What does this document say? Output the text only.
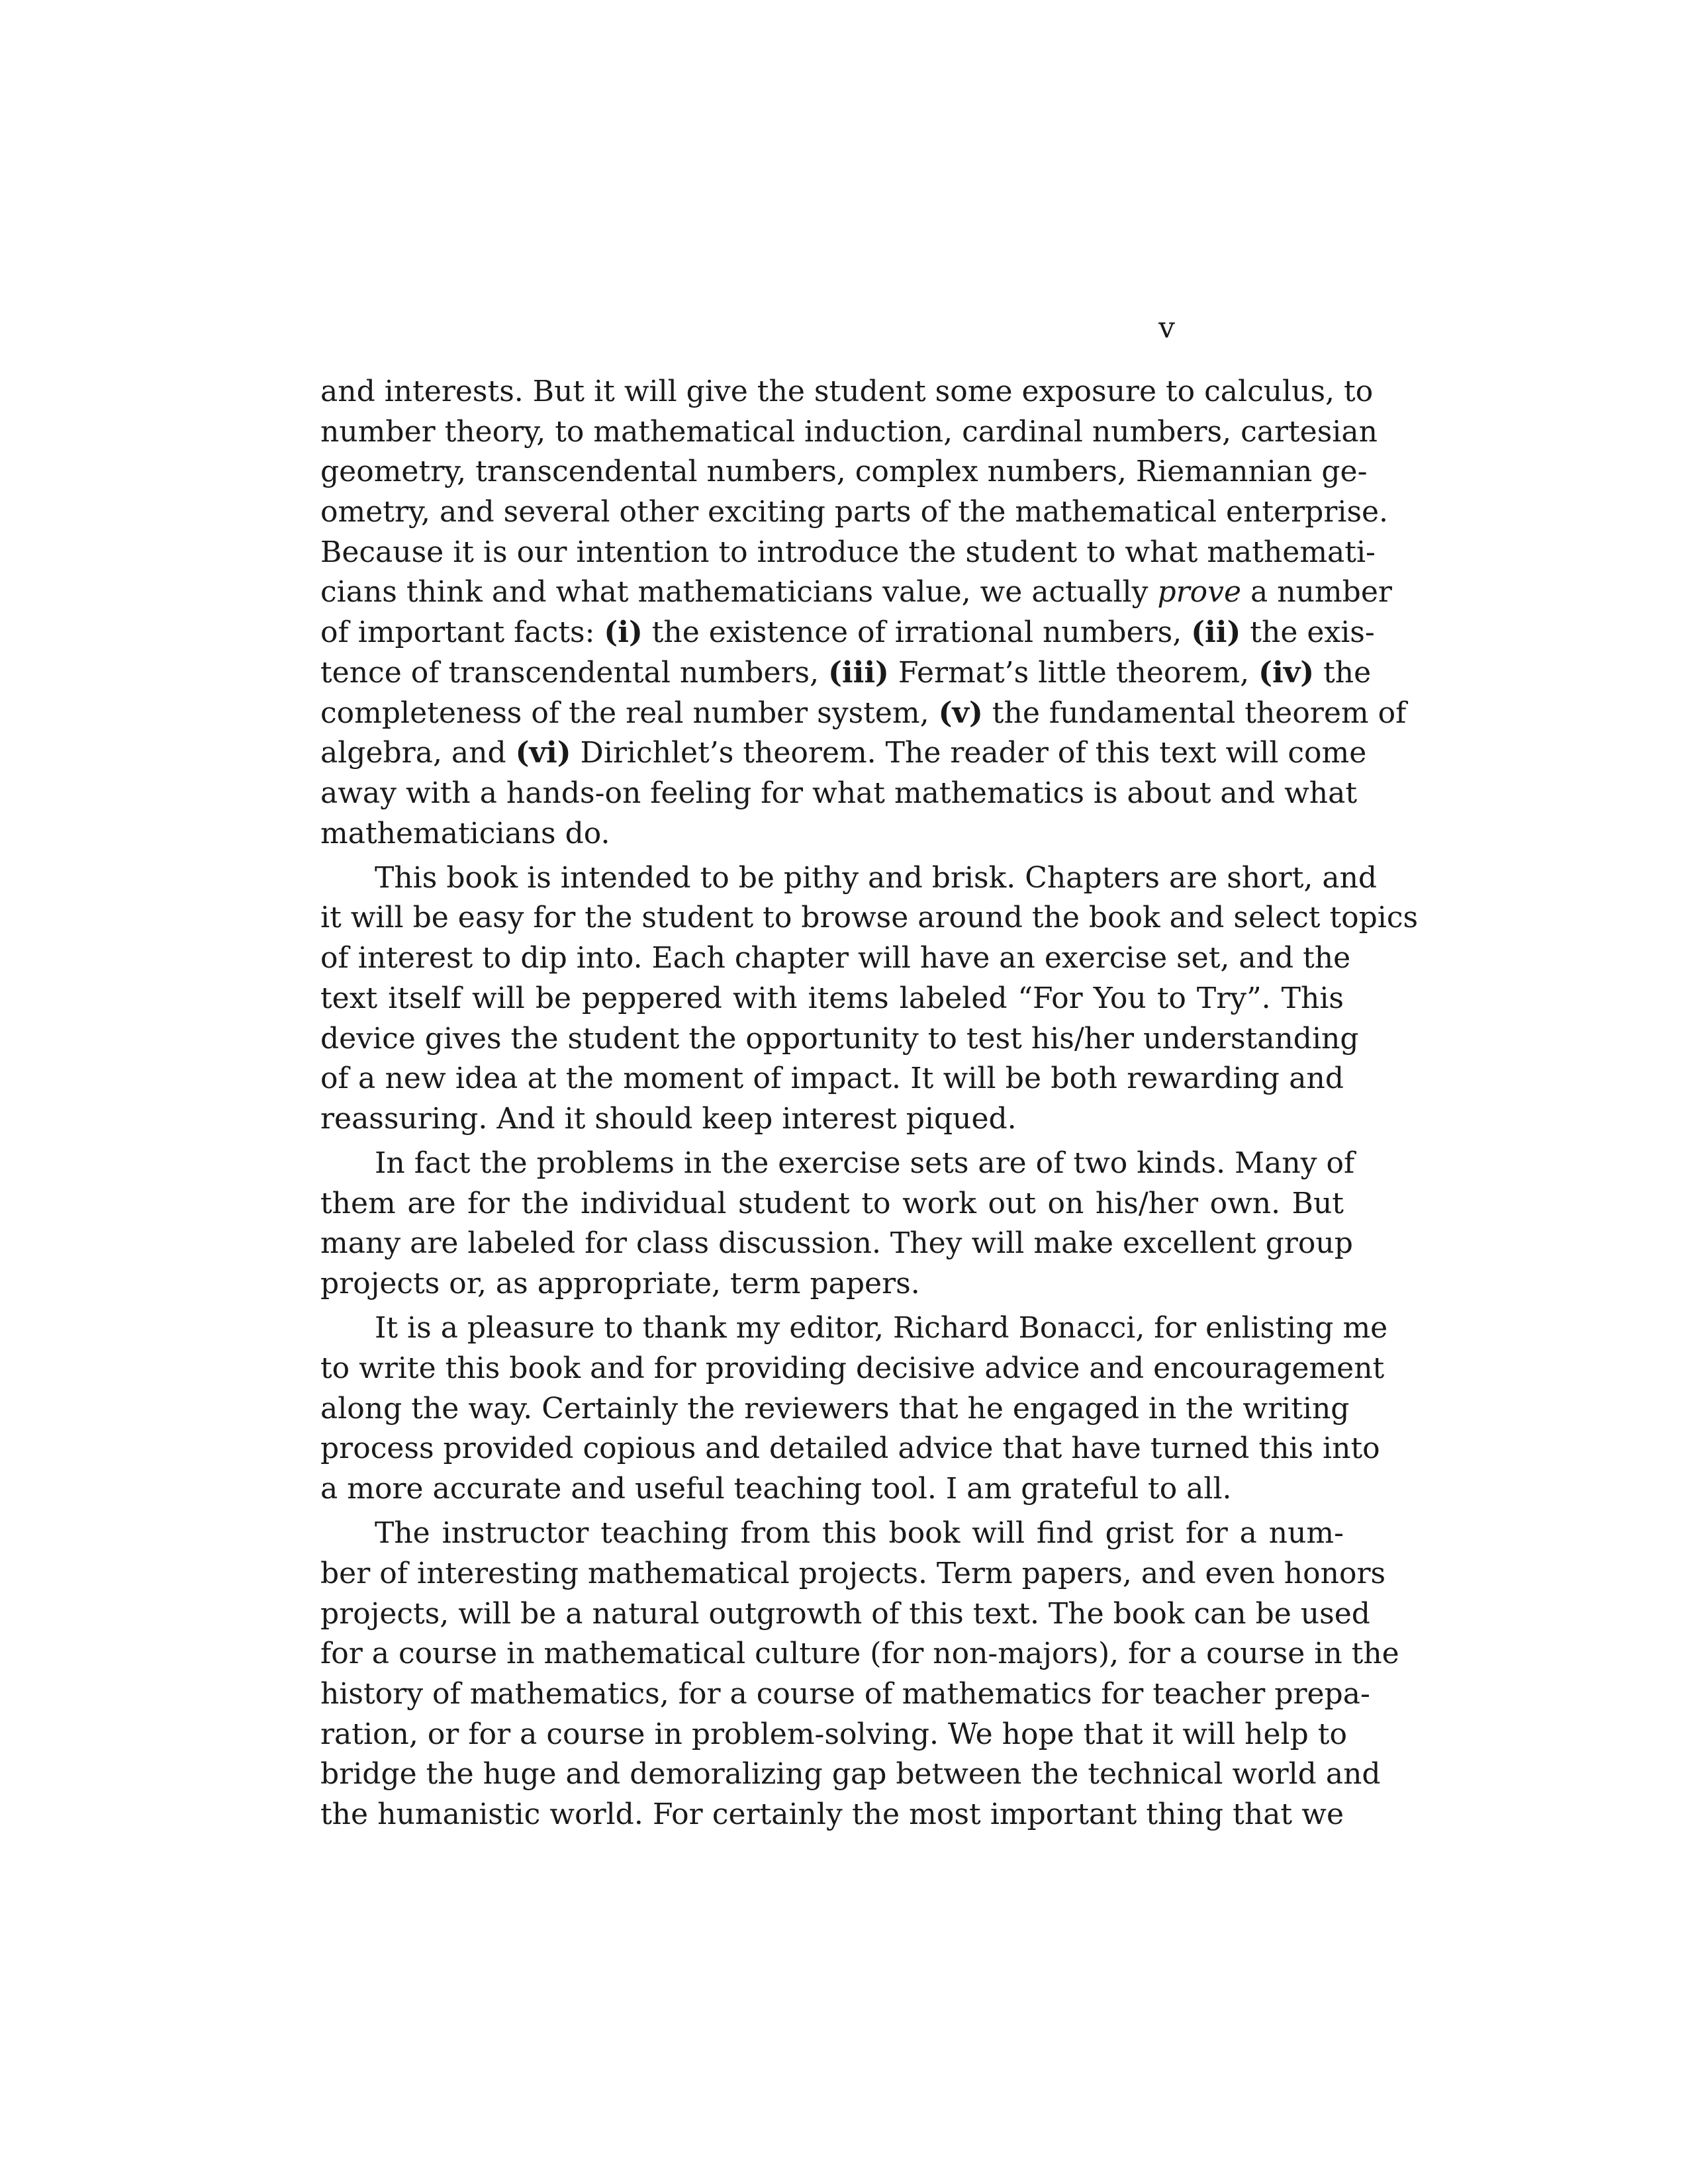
v
and interests. But it will give the student some exposure to calculus, to
number theory, to mathematical induction, cardinal numbers, cartesian
geometry, transcendental numbers, complex numbers, Riemannian ge-
ometry, and several other exciting parts of the mathematical enterprise.
Because it is our intention to introduce the student to what mathemati-
cians think and what mathematicians value, we actually prove a number
of important facts: (i) the existence of irrational numbers, (ii) the exis-
tence of transcendental numbers, (iii) Fermat’s little theorem, (iv) the
completeness of the real number system, (v) the fundamental theorem of
algebra, and (vi) Dirichlet’s theorem. The reader of this text will come
away with a hands-on feeling for what mathematics is about and what
mathematicians do.
This book is intended to be pithy and brisk. Chapters are short, and
it will be easy for the student to browse around the book and select topics
of interest to dip into. Each chapter will have an exercise set, and the
text itself will be peppered with items labeled “For You to Try”. This
device gives the student the opportunity to test his/her understanding
of a new idea at the moment of impact. It will be both rewarding and
reassuring. And it should keep interest piqued.
In fact the problems in the exercise sets are of two kinds. Many of
them are for the individual student to work out on his/her own. But
many are labeled for class discussion. They will make excellent group
projects or, as appropriate, term papers.
It is a pleasure to thank my editor, Richard Bonacci, for enlisting me
to write this book and for providing decisive advice and encouragement
along the way. Certainly the reviewers that he engaged in the writing
process provided copious and detailed advice that have turned this into
a more accurate and useful teaching tool. I am grateful to all.
The instructor teaching from this book will find grist for a num-
ber of interesting mathematical projects. Term papers, and even honors
projects, will be a natural outgrowth of this text. The book can be used
for a course in mathematical culture (for non-majors), for a course in the
history of mathematics, for a course of mathematics for teacher prepa-
ration, or for a course in problem-solving. We hope that it will help to
bridge the huge and demoralizing gap between the technical world and
the humanistic world. For certainly the most important thing that we
